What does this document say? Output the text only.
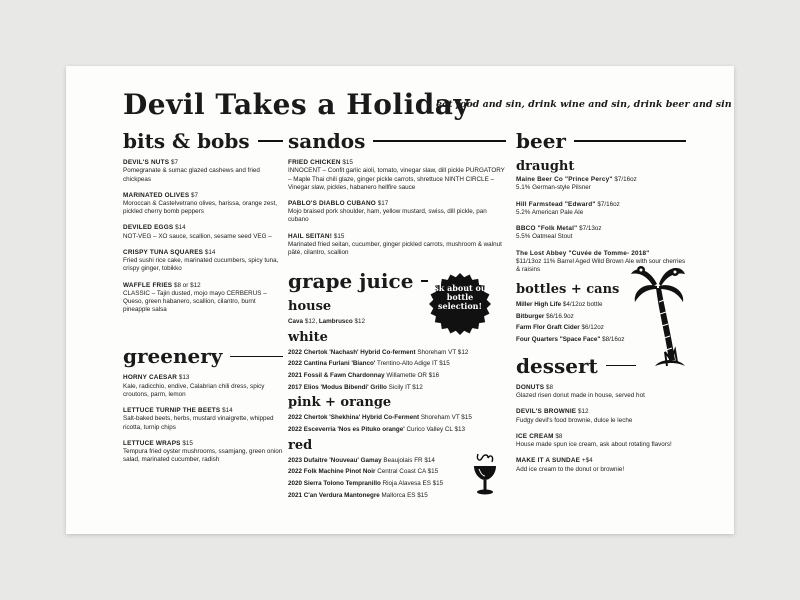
Devil Takes a Holiday
eat food and sin, drink wine and sin, drink beer and sin
bits & bobs
DEVIL'S NUTS $7
Pomegranate & sumac glazed cashews and fried chickpeas
MARINATED OLIVES $7
Moroccan & Castelvetrano olives, harissa, orange zest, pickled cherry bomb peppers
DEVILED EGGS $14
NOT-VEG – XO sauce, scallion, sesame seed VEG –
CRISPY TUNA SQUARES $14
Fried sushi rice cake, marinated cucumbers, spicy tuna, crispy ginger, tobikko
WAFFLE FRIES $8 or $12
CLASSIC – Tajin dusted, mojo mayo CERBERUS – Queso, green habanero, scallion, cilantro, burnt pineapple salsa
greenery
HORNY CAESAR $13
Kale, radicchio, endive, Calabrian chili dress, spicy croutons, parm, lemon
LETTUCE TURNIP THE BEETS $14
Salt-baked beets, herbs, mustard vinaigrette, whipped ricotta, turnip chips
LETTUCE WRAPS $15
Tempura fried oyster mushrooms, ssamjang, green onion salad, marinated cucumber, radish
sandos
FRIED CHICKEN $15
INNOCENT – Confit garlic aioli, tomato, vinegar slaw, dill pickle PURGATORY – Maple Thai chili glaze, ginger pickle carrots, shrettuce NINTH CIRCLE – Vinegar slaw, pickles, habanero hellfire sauce
PABLO'S DIABLO CUBANO $17
Mojo braised pork shoulder, ham, yellow mustard, swiss, dill pickle, pan cubano
HAIL SEITAN! $15
Marinated fried seitan, cucumber, ginger pickled carrots, mushroom & walnut pâté, cilantro, scallion
grape juice
house
Cava $12, Lambrusco $12
white
2022 Chertok 'Nachash' Hybrid Co-ferment Shoreham VT $12
2022 Cantina Furlani 'Bianco' Trentino-Alto Adige IT $15
2021 Fossil & Fawn Chardonnay Willamette OR $16
2017 Elios 'Modus Bibendi' Grillo Sicily IT $12
pink + orange
2022 Chertok 'Shekhina' Hybrid Co-Ferment Shoreham VT $15
2022 Esceverria 'Nos es Pituko orange' Curico Valley CL $13
red
2023 Dufaitre 'Nouveau' Gamay Beaujolais FR $14
2022 Folk Machine Pinot Noir Central Coast CA $15
2020 Sierra Tolono Tempranillo Rioja Alavesa ES $15
2021 C'an Verdura Mantonegre Mallorca ES $15
beer
draught
Maine Beer Co "Prince Percy" $7/16oz
5.1% German-style Pilsner
Hill Farmstead "Edward" $7/16oz
5.2% American Pale Ale
BBCO "Folk Metal" $7/13oz
5.5% Oatmeal Stout
The Lost Abbey "Cuvée de Tomme- 2018"
$11/13oz 11% Barrel Aged Wild Brown Ale with sour cherries & raisins
bottles + cans
Miller High Life $4/12oz bottle
Bitburger $6/16.9oz
Farm Flor Graft Cider $6/12oz
Four Quarters "Space Face" $8/16oz
dessert
DONUTS $8
Glazed risen donut made in house, served hot
DEVIL'S BROWNIE $12
Fudgy devil's food brownie, dulce le leche
ICE CREAM $8
House made spun ice cream, ask about rotating flavors!
MAKE IT A SUNDAE +$4
Add ice cream to the donut or brownie!
ask about our bottle selection!
